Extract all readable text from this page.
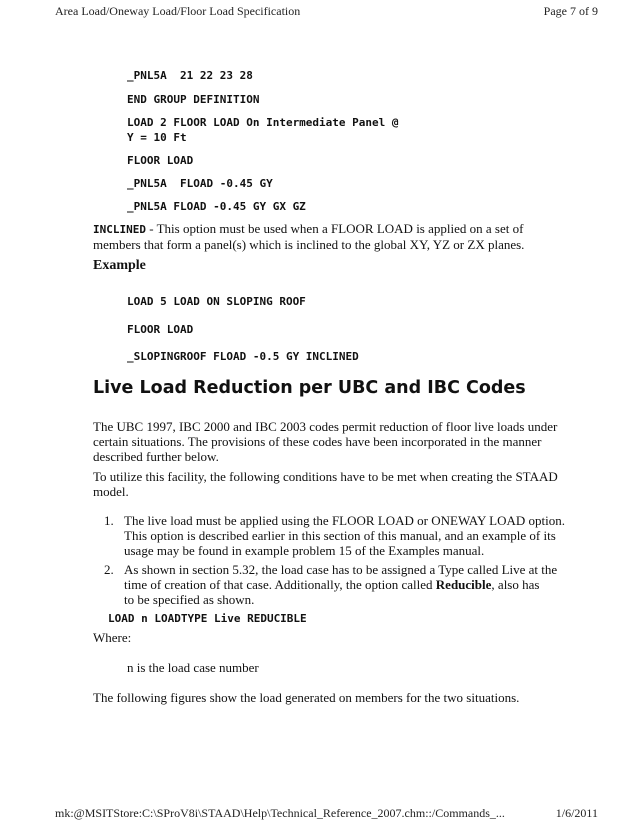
Area Load/Oneway Load/Floor Load Specification	Page 7 of 9
_PNL5A  21 22 23 28
END GROUP DEFINITION
LOAD 2 FLOOR LOAD On Intermediate Panel @
Y = 10 Ft
FLOOR LOAD
_PNL5A  FLOAD -0.45 GY
_PNL5A FLOAD -0.45 GY GX GZ
INCLINED - This option must be used when a FLOOR LOAD is applied on a set of
members that form a panel(s) which is inclined to the global XY, YZ or ZX planes.
Example
LOAD 5 LOAD ON SLOPING ROOF
FLOOR LOAD
_SLOPINGROOF FLOAD -0.5 GY INCLINED
Live Load Reduction per UBC and IBC Codes
The UBC 1997, IBC 2000 and IBC 2003 codes permit reduction of floor live loads under
certain situations. The provisions of these codes have been incorporated in the manner
described further below.
To utilize this facility, the following conditions have to be met when creating the STAAD
model.
1. The live load must be applied using the FLOOR LOAD or ONEWAY LOAD option.
This option is described earlier in this section of this manual, and an example of its
usage may be found in example problem 15 of the Examples manual.
2. As shown in section 5.32, the load case has to be assigned a Type called Live at the
time of creation of that case. Additionally, the option called Reducible, also has
to be specified as shown.
LOAD n LOADTYPE Live REDUCIBLE
Where:
n is the load case number
The following figures show the load generated on members for the two situations.
mk:@MSITStore:C:\SProV8i\STAAD\Help\Technical_Reference_2007.chm::/Commands_...	1/6/2011
